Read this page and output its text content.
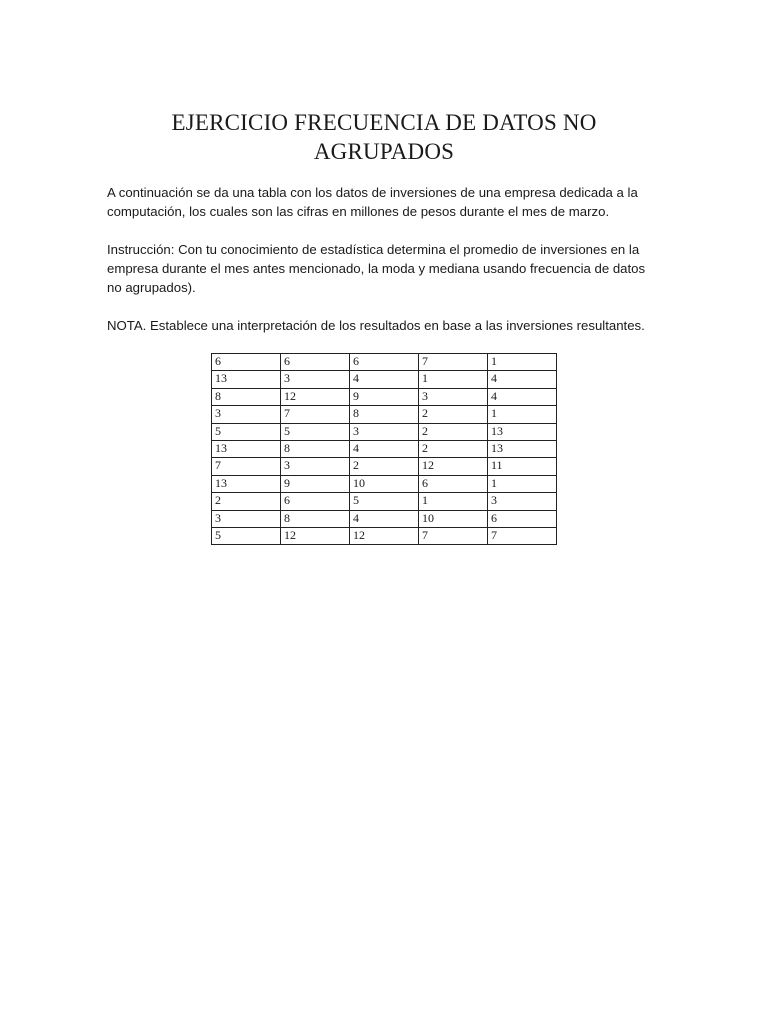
EJERCICIO FRECUENCIA DE DATOS NO
AGRUPADOS

A continuación se da una tabla con los datos de inversiones de una empresa dedicada a la
computación, los cuales son las cifras en millones de pesos durante el mes de marzo.

Instrucción: Con tu conocimiento de estadística determina el promedio de inversiones en la
empresa durante el mes antes mencionado, la moda y mediana usando frecuencia de datos
no agrupados).

NOTA. Establece una interpretación de los resultados en base a las inversiones resultantes.

6	6	6	7	1
13	3	4	1	4
8	12	9	3	4
3	7	8	2	1
5	5	3	2	13
13	8	4	2	13
7	3	2	12	11
13	9	10	6	1
2	6	5	1	3
3	8	4	10	6
5	12	12	7	7
